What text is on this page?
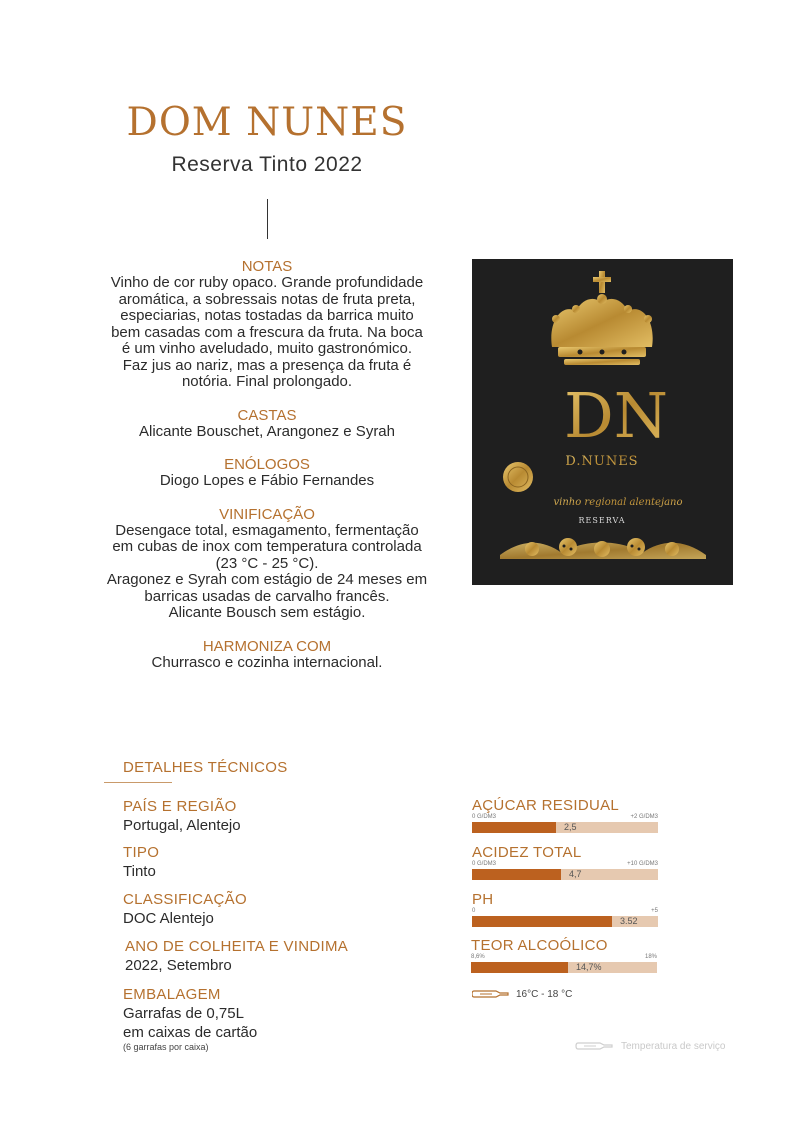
DOM NUNES
Reserva Tinto 2022
NOTAS
Vinho de cor ruby opaco. Grande profundidade
aromática, a sobressais notas de fruta preta,
especiarias, notas tostadas da barrica muito
bem casadas com a frescura da fruta. Na boca
é um vinho aveludado, muito gastronómico.
Faz jus ao nariz, mas a presença da fruta é
notória. Final prolongado.
CASTAS
Alicante Bouschet, Arangonez e Syrah
ENÓLOGOS
Diogo Lopes e Fábio Fernandes
VINIFICAÇÃO
Desengace total, esmagamento, fermentação
em cubas de inox com temperatura controlada
(23 °C - 25 °C).
Aragonez e Syrah com estágio de 24 meses em
barricas usadas de carvalho francês.
Alicante Bousch sem estágio.
HARMONIZA COM
Churrasco e cozinha internacional.
DN
D.NUNES
vinho regional alentejano
RESERVA
DETALHES TÉCNICOS
PAÍS E REGIÃO
Portugal, Alentejo
TIPO
Tinto
CLASSIFICAÇÃO
DOC Alentejo
ANO DE COLHEITA E VINDIMA
2022, Setembro
EMBALAGEM
Garrafas de 0,75L
em caixas de cartão
(6 garrafas por caixa)
AÇÚCAR RESIDUAL
0 G/DM3	+2 G/DM3
2,5
ACIDEZ TOTAL
0 G/DM3	+10 G/DM3
4,7
PH
0	+5
3.52
TEOR ALCOÓLICO
8,6%	18%
14,7%
16°C - 18 °C
Temperatura de serviço
